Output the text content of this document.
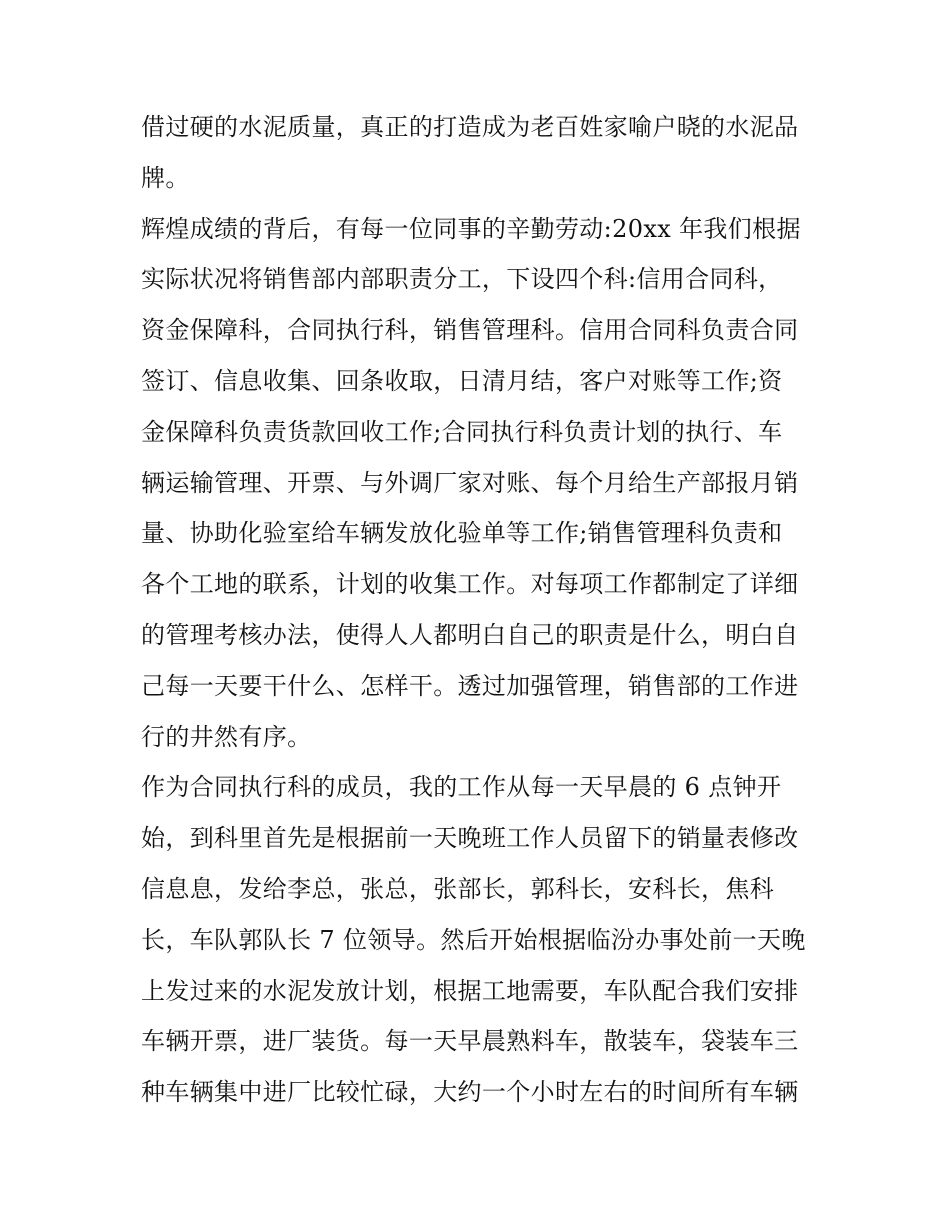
借过硬的水泥质量，真正的打造成为老百姓家喻户晓的水泥品
牌。
辉煌成绩的背后，有每一位同事的辛勤劳动:20xx 年我们根据
实际状况将销售部内部职责分工，下设四个科:信用合同科，
资金保障科，合同执行科，销售管理科。信用合同科负责合同
签订、信息收集、回条收取，日清月结，客户对账等工作;资
金保障科负责货款回收工作;合同执行科负责计划的执行、车
辆运输管理、开票、与外调厂家对账、每个月给生产部报月销
量、协助化验室给车辆发放化验单等工作;销售管理科负责和
各个工地的联系，计划的收集工作。对每项工作都制定了详细
的管理考核办法，使得人人都明白自己的职责是什么，明白自
己每一天要干什么、怎样干。透过加强管理，销售部的工作进
行的井然有序。
作为合同执行科的成员，我的工作从每一天早晨的 6 点钟开
始，到科里首先是根据前一天晚班工作人员留下的销量表修改
信息息，发给李总，张总，张部长，郭科长，安科长，焦科
长，车队郭队长 7 位领导。然后开始根据临汾办事处前一天晚
上发过来的水泥发放计划，根据工地需要，车队配合我们安排
车辆开票，进厂装货。每一天早晨熟料车，散装车，袋装车三
种车辆集中进厂比较忙碌，大约一个小时左右的时间所有车辆
